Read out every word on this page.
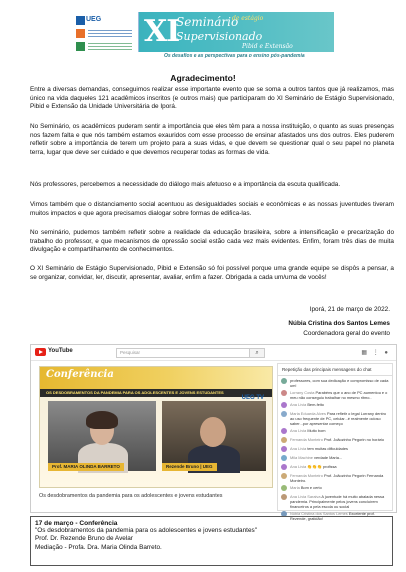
UEG XI
Seminário
de estágio
Supervisionado
Pibid e Extensão
Os desafios e as perspectivas para o ensino pós-pandemia
Agradecimento!

Entre a diversas demandas, conseguimos realizar esse importante evento que se soma a outros tantos que já realizamos, mas único na vida daqueles 121 acadêmicos inscritos (e outros mais) que participaram do XI Seminário de Estágio Supervisionado, Pibid e Extensão da Unidade Universitária de Iporá.

No Seminário, os acadêmicos puderam sentir a importância que eles têm para a nossa instituição, o quanto as suas presenças nos fazem falta e que nós também estamos exauridos com esse processo de ensinar afastados uns dos outros. Eles puderem refletir sobre a importância de terem um projeto para a suas vidas, e que devem se questionar qual o seu papel no planeta terra, lugar que deve ser cuidado e que devemos recuperar todas as formas de vida.

Nós professores, percebemos a necessidade do diálogo mais afetuoso e a importância da escuta qualificada.

Vimos também que o distanciamento social acentuou as desigualdades sociais e econômicas e as nossas juventudes tiveram muitos impactos e que agora precisamos dialogar sobre formas de edifica-las.

No seminário, pudemos também refletir sobre a realidade da educação brasileira, sobre a intensificação e precarização do trabalho do professor, e que mecanismos de opressão social estão cada vez mais evidentes. Enfim, foram três dias de muita divulgação e compartilhamento de conhecimentos.

O XI Seminário de Estágio Supervisionado, Pibid e Extensão só foi possível porque uma grande equipe se dispôs a pensar, a se organizar, convidar, ler, discutir, apresentar, avaliar, enfim a fazer. Obrigada a cada um/uma de vocês!

Iporá, 21 de março de 2022.
Núbia Cristina dos Santos Lemes
Coordenadora geral do evento
YouTube	Pesquisar	⌕	▦ ⋮ ●
Conferência
OS DESDOBRAMENTOS DA PANDEMIA PARA OS ADOLESCENTES E JOVENS ESTUDANTES
UEG TV
Prof. MARIA OLINDA BARRETO	Rezende Bruno | UEG
Os desdobramentos da pandemia para os adolescentes e jovens estudantes
Repetição das principais mensagens do chat
professores, com sua dedicação e compromisso de cada um!
Lorrany Costa Parabéns que o ano de PC aumentou e o meu não conseguiu trabalhar no mesmo ritmo..
Ana Lívia Bem-feito
Maria Eduarda Alves Para refletir o legal Lorrany dentro ao uso frequente de PC, celular...é realmente ocioso saber...por apresentar começo
Ana Lívia Muito bom
Fernanda Monteiro Prof. Joãozinho Pegorin no horário
Ana Lívia tem muitas dificuldades
Mila Machine verdade Maria...
Ana Lívia 👏👏👏 profissa
Fernanda Monteiro Prof. Joãozinho Pegorin Fernanda Monteiro.
Maria Bom e certo
Ana Lívia Saraiva A juventude há muito abalada nessa pandemia. Principalmente pelos jovens concluírem financeiros a pela escola ou social
Núbia Cristina dos Santos Lemes Excelente prof. Rezende, gratidão!
17 de março - Conferência
"Os desdobramentos da pandemia para os adolescentes e jovens estudantes"
Prof. Dr. Rezende Bruno de Avelar
Mediação - Profa. Dra. Maria Olinda Barreto.
